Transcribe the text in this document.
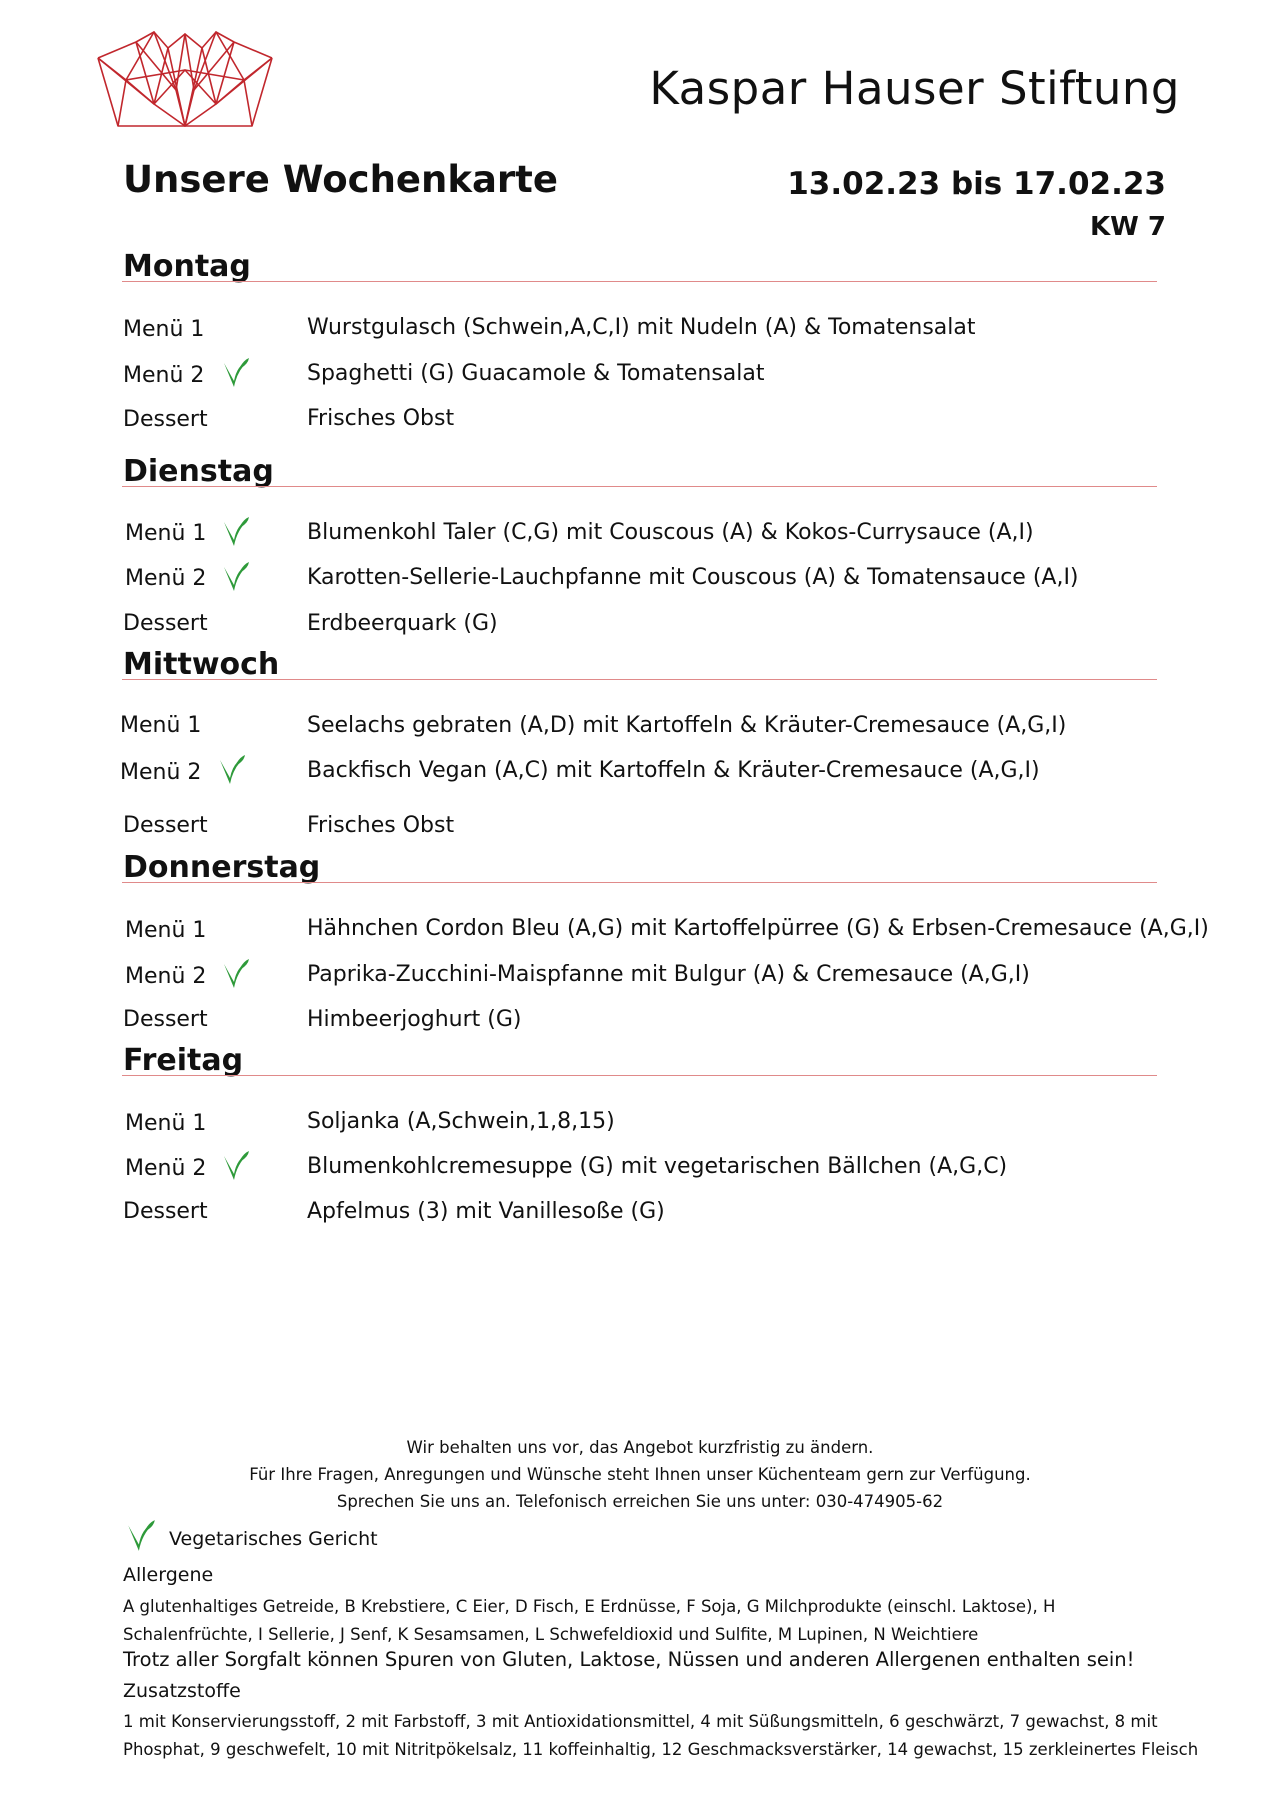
Kaspar Hauser Stiftung
Unsere Wochenkarte	13.02.23 bis 17.02.23
KW 7
Montag
Menü 1	Wurstgulasch (Schwein,A,C,I) mit Nudeln (A) & Tomatensalat
Menü 2	Spaghetti (G) Guacamole & Tomatensalat
Dessert	Frisches Obst
Dienstag
Menü 1	Blumenkohl Taler (C,G) mit Couscous (A) & Kokos-Currysauce (A,I)
Menü 2	Karotten-Sellerie-Lauchpfanne mit Couscous (A) & Tomatensauce (A,I)
Dessert	Erdbeerquark (G)
Mittwoch
Menü 1	Seelachs gebraten (A,D) mit Kartoffeln & Kräuter-Cremesauce (A,G,I)
Menü 2	Backfisch Vegan (A,C) mit Kartoffeln & Kräuter-Cremesauce (A,G,I)
Dessert	Frisches Obst
Donnerstag
Menü 1	Hähnchen Cordon Bleu (A,G) mit Kartoffelpürree (G) & Erbsen-Cremesauce (A,G,I)
Menü 2	Paprika-Zucchini-Maispfanne mit Bulgur (A) & Cremesauce (A,G,I)
Dessert	Himbeerjoghurt (G)
Freitag
Menü 1	Soljanka (A,Schwein,1,8,15)
Menü 2	Blumenkohlcremesuppe (G) mit vegetarischen Bällchen (A,G,C)
Dessert	Apfelmus (3) mit Vanillesoße (G)
Wir behalten uns vor, das Angebot kurzfristig zu ändern.
Für Ihre Fragen, Anregungen und Wünsche steht Ihnen unser Küchenteam gern zur Verfügung.
Sprechen Sie uns an. Telefonisch erreichen Sie uns unter: 030-474905-62
Vegetarisches Gericht
Allergene
A glutenhaltiges Getreide, B Krebstiere, C Eier, D Fisch, E Erdnüsse, F Soja, G Milchprodukte (einschl. Laktose), H Schalenfrüchte, I Sellerie, J Senf, K Sesamsamen, L Schwefeldioxid und Sulfite, M Lupinen, N Weichtiere
Trotz aller Sorgfalt können Spuren von Gluten, Laktose, Nüssen und anderen Allergenen enthalten sein!
Zusatzstoffe
1 mit Konservierungsstoff, 2 mit Farbstoff, 3 mit Antioxidationsmittel, 4 mit Süßungsmitteln, 6 geschwärzt, 7 gewachst, 8 mit Phosphat, 9 geschwefelt, 10 mit Nitritpökelsalz, 11 koffeinhaltig, 12 Geschmacksverstärker, 14 gewachst, 15 zerkleinertes Fleisch
